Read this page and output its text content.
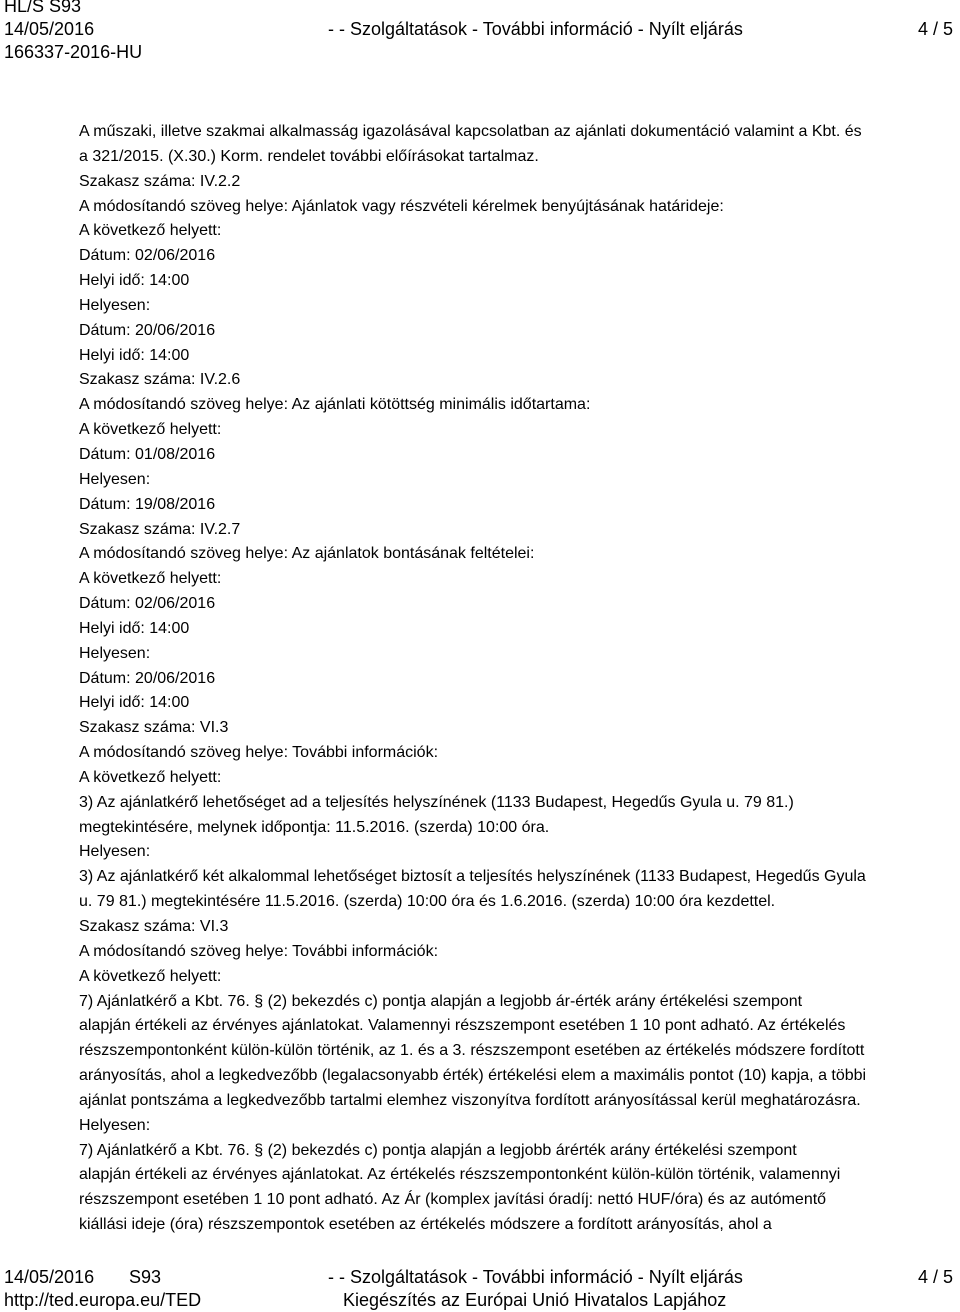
HL/S S93
14/05/2016
166337-2016-HU
- - Szolgáltatások - További információ - Nyílt eljárás	4 / 5
A műszaki, illetve szakmai alkalmasság igazolásával kapcsolatban az ajánlati dokumentáció valamint a Kbt. és
a 321/2015. (X.30.) Korm. rendelet további előírásokat tartalmaz.
Szakasz száma: IV.2.2
A módosítandó szöveg helye: Ajánlatok vagy részvételi kérelmek benyújtásának határideje:
A következő helyett:
Dátum: 02/06/2016
Helyi idő: 14:00
Helyesen:
Dátum: 20/06/2016
Helyi idő: 14:00
Szakasz száma: IV.2.6
A módosítandó szöveg helye: Az ajánlati kötöttség minimális időtartama:
A következő helyett:
Dátum: 01/08/2016
Helyesen:
Dátum: 19/08/2016
Szakasz száma: IV.2.7
A módosítandó szöveg helye: Az ajánlatok bontásának feltételei:
A következő helyett:
Dátum: 02/06/2016
Helyi idő: 14:00
Helyesen:
Dátum: 20/06/2016
Helyi idő: 14:00
Szakasz száma: VI.3
A módosítandó szöveg helye: További információk:
A következő helyett:
3) Az ajánlatkérő lehetőséget ad a teljesítés helyszínének (1133 Budapest, Hegedűs Gyula u. 79 81.)
megtekintésére, melynek időpontja: 11.5.2016. (szerda) 10:00 óra.
Helyesen:
3) Az ajánlatkérő két alkalommal lehetőséget biztosít a teljesítés helyszínének (1133 Budapest, Hegedűs Gyula
u. 79 81.) megtekintésére 11.5.2016. (szerda) 10:00 óra és 1.6.2016. (szerda) 10:00 óra kezdettel.
Szakasz száma: VI.3
A módosítandó szöveg helye: További információk:
A következő helyett:
7) Ajánlatkérő a Kbt. 76. § (2) bekezdés c) pontja alapján a legjobb ár-érték arány értékelési szempont
alapján értékeli az érvényes ajánlatokat. Valamennyi részszempont esetében 1 10 pont adható. Az értékelés
részszempontonként külön-külön történik, az 1. és a 3. részszempont esetében az értékelés módszere fordított
arányosítás, ahol a legkedvezőbb (legalacsonyabb érték) értékelési elem a maximális pontot (10) kapja, a többi
ajánlat pontszáma a legkedvezőbb tartalmi elemhez viszonyítva fordított arányosítással kerül meghatározásra.
Helyesen:
7) Ajánlatkérő a Kbt. 76. § (2) bekezdés c) pontja alapján a legjobb árérték arány értékelési szempont
alapján értékeli az érvényes ajánlatokat. Az értékelés részszempontonként külön-külön történik, valamennyi
részszempont esetében 1 10 pont adható. Az Ár (komplex javítási óradíj: nettó HUF/óra) és az autómentő
kiállási ideje (óra) részszempontok esetében az értékelés módszere a fordított arányosítás, ahol a
14/05/2016
http://ted.europa.eu/TED
S93	- - Szolgáltatások - További információ - Nyílt eljárás
Kiegészítés az Európai Unió Hivatalos Lapjához
4 / 5
